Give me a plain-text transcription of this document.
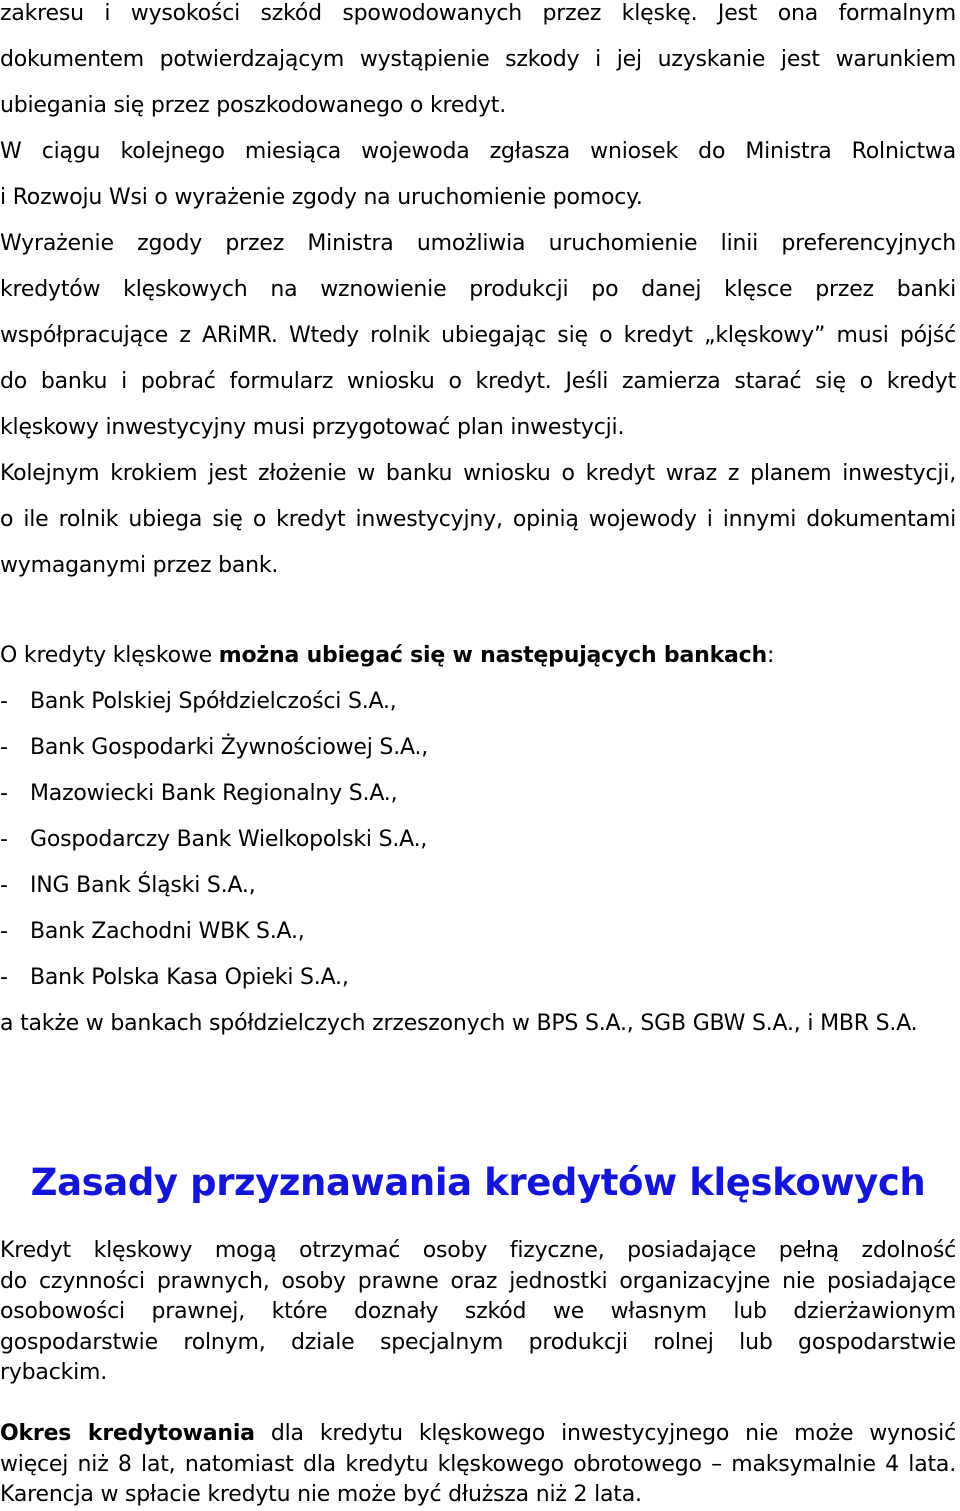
zakresu i wysokości szkód spowodowanych przez klęskę. Jest ona formalnym
dokumentem potwierdzającym wystąpienie szkody i jej uzyskanie jest warunkiem
ubiegania się przez poszkodowanego o kredyt.
W ciągu kolejnego miesiąca wojewoda zgłasza wniosek do Ministra Rolnictwa
i Rozwoju Wsi o wyrażenie zgody na uruchomienie pomocy.
Wyrażenie zgody przez Ministra umożliwia uruchomienie linii preferencyjnych
kredytów klęskowych na wznowienie produkcji po danej klęsce przez banki
współpracujące z ARiMR. Wtedy rolnik ubiegając się o kredyt „klęskowy” musi pójść
do banku i pobrać formularz wniosku o kredyt. Jeśli zamierza starać się o kredyt
klęskowy inwestycyjny musi przygotować plan inwestycji.
Kolejnym krokiem jest złożenie w banku wniosku o kredyt wraz z planem inwestycji,
o ile rolnik ubiega się o kredyt inwestycyjny, opinią wojewody i innymi dokumentami
wymaganymi przez bank.
O kredyty klęskowe można ubiegać się w następujących bankach:
-	Bank Polskiej Spółdzielczości S.A.,
-	Bank Gospodarki Żywnościowej S.A.,
-	Mazowiecki Bank Regionalny S.A.,
-	Gospodarczy Bank Wielkopolski S.A.,
-	ING Bank Śląski S.A.,
-	Bank Zachodni WBK S.A.,
-	Bank Polska Kasa Opieki S.A.,
a także w bankach spółdzielczych zrzeszonych w BPS S.A., SGB GBW S.A., i MBR S.A.
Zasady przyznawania kredytów klęskowych
Kredyt klęskowy mogą otrzymać osoby fizyczne, posiadające pełną zdolność
do czynności prawnych, osoby prawne oraz jednostki organizacyjne nie posiadające
osobowości prawnej, które doznały szkód we własnym lub dzierżawionym
gospodarstwie rolnym, dziale specjalnym produkcji rolnej lub gospodarstwie
rybackim.
Okres kredytowania dla kredytu klęskowego inwestycyjnego nie może wynosić
więcej niż 8 lat, natomiast dla kredytu klęskowego obrotowego – maksymalnie 4 lata.
Karencja w spłacie kredytu nie może być dłuższa niż 2 lata.
